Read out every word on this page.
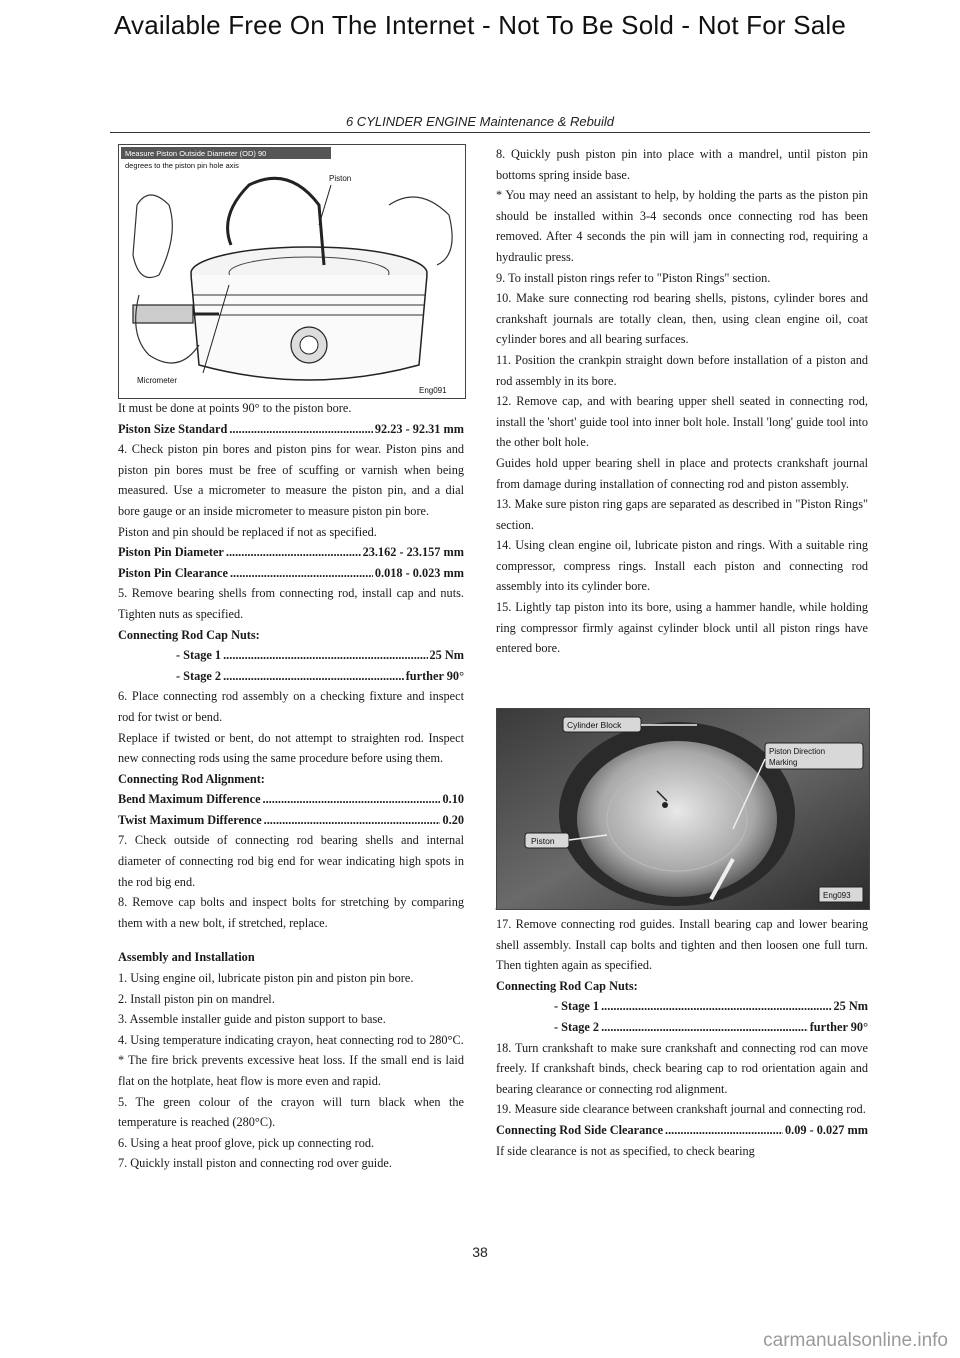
Available Free On The Internet - Not To Be Sold - Not For Sale
6 CYLINDER ENGINE Maintenance & Rebuild
Measure Piston Outside Diameter (OD) 90
degrees to the piston pin hole axis
Piston
Micrometer
Eng091

It must be done at points 90° to the piston bore.

Piston Size Standard .....	92.23 - 92.31 mm

4. Check piston pin bores and piston pins for wear. Piston pins and piston pin bores must be free of scuffing or varnish when being measured. Use a micrometer to measure the piston pin, and a dial bore gauge or an inside micrometer to measure piston pin bore.

Piston and pin should be replaced if not as specified.

Piston Pin Diameter .....	23.162 - 23.157 mm
Piston Pin Clearance .....	0.018 - 0.023 mm

5. Remove bearing shells from connecting rod, install cap and nuts. Tighten nuts as specified.

Connecting Rod Cap Nuts:

- Stage 1 .....	25 Nm
- Stage 2 .....	further 90°

6. Place connecting rod assembly on a checking fixture and inspect rod for twist or bend.

Replace if twisted or bent, do not attempt to straighten rod. Inspect new connecting rods using the same procedure before using them.

Connecting Rod Alignment:

Bend Maximum Difference .....	0.10
Twist Maximum Difference .....	0.20

7. Check outside of connecting rod bearing shells and internal diameter of connecting rod big end for wear indicating high spots in the rod big end.

8. Remove cap bolts and inspect bolts for stretching by comparing them with a new bolt, if stretched, replace.

Assembly and Installation

1. Using engine oil, lubricate piston pin and piston pin bore.

2. Install piston pin on mandrel.

3. Assemble installer guide and piston support to base.

4. Using temperature indicating crayon, heat connecting rod to 280°C.

* The fire brick prevents excessive heat loss. If the small end is laid flat on the hotplate, heat flow is more even and rapid.

5. The green colour of the crayon will turn black when the temperature is reached (280°C).

6. Using a heat proof glove, pick up connecting rod.

7. Quickly install piston and connecting rod over guide.

8. Quickly push piston pin into place with a mandrel, until piston pin bottoms spring inside base.

* You may need an assistant to help, by holding the parts as the piston pin should be installed within 3-4 seconds once connecting rod has been removed. After 4 seconds the pin will jam in connecting rod, requiring a hydraulic press.

9. To install piston rings refer to "Piston Rings" section.

10. Make sure connecting rod bearing shells, pistons, cylinder bores and crankshaft journals are totally clean, then, using clean engine oil, coat cylinder bores and all bearing surfaces.

11. Position the crankpin straight down before installation of a piston and rod assembly in its bore.

12. Remove cap, and with bearing upper shell seated in connecting rod, install the 'short' guide tool into inner bolt hole. Install 'long' guide tool into the other bolt hole.

Guides hold upper bearing shell in place and protects crankshaft journal from damage during installation of connecting rod and piston assembly.

13. Make sure piston ring gaps are separated as described in "Piston Rings" section.

14. Using clean engine oil, lubricate piston and rings. With a suitable ring compressor, compress rings. Install each piston and connecting rod assembly into its cylinder bore.

15. Lightly tap piston into its bore, using a hammer handle, while holding ring compressor firmly against cylinder block until all piston rings have entered bore.

17. Remove connecting rod guides. Install bearing cap and lower bearing shell assembly. Install cap bolts and tighten and then loosen one full turn. Then tighten again as specified.

Connecting Rod Cap Nuts:

- Stage 1 .....	25 Nm
- Stage 2 .....	further 90°

18. Turn crankshaft to make sure crankshaft and connecting rod can move freely. If crankshaft binds, check bearing cap to rod orientation again and bearing clearance or connecting rod alignment.

19. Measure side clearance between crankshaft journal and connecting rod.

Connecting Rod Side Clearance .....	0.09 - 0.027 mm

If side clearance is not as specified, to check bearing

Cylinder Block
Piston Direction
Marking
Piston
Eng093
38
carmanualsonline.info
